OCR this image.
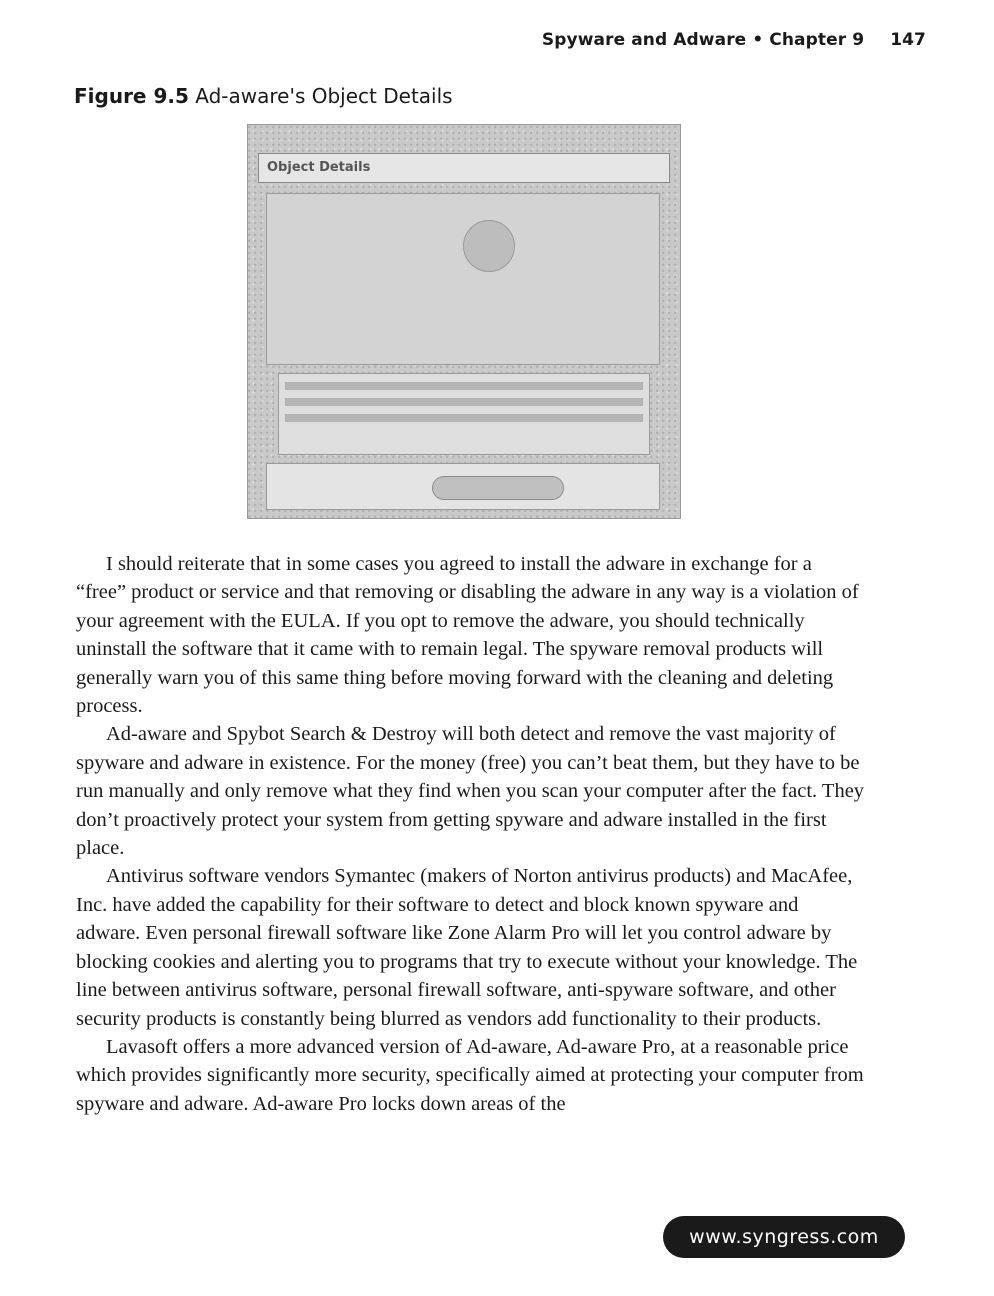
Spyware and Adware • Chapter 9 147
Figure 9.5 Ad-aware's Object Details
Object Details

I should reiterate that in some cases you agreed to install the adware in exchange for a “free” product or service and that removing or disabling the adware in any way is a violation of your agreement with the EULA. If you opt to remove the adware, you should technically uninstall the software that it came with to remain legal. The spyware removal products will generally warn you of this same thing before moving forward with the cleaning and deleting process.

Ad-aware and Spybot Search & Destroy will both detect and remove the vast majority of spyware and adware in existence. For the money (free) you can’t beat them, but they have to be run manually and only remove what they find when you scan your computer after the fact. They don’t proactively protect your system from getting spyware and adware installed in the first place.

Antivirus software vendors Symantec (makers of Norton antivirus products) and MacAfee, Inc. have added the capability for their software to detect and block known spyware and adware. Even personal firewall software like Zone Alarm Pro will let you control adware by blocking cookies and alerting you to programs that try to execute without your knowledge. The line between antivirus software, personal firewall software, anti-spyware software, and other security products is constantly being blurred as vendors add functionality to their products.

Lavasoft offers a more advanced version of Ad-aware, Ad-aware Pro, at a reasonable price which provides significantly more security, specifically aimed at protecting your computer from spyware and adware. Ad-aware Pro locks down areas of the

www.syngress.com
